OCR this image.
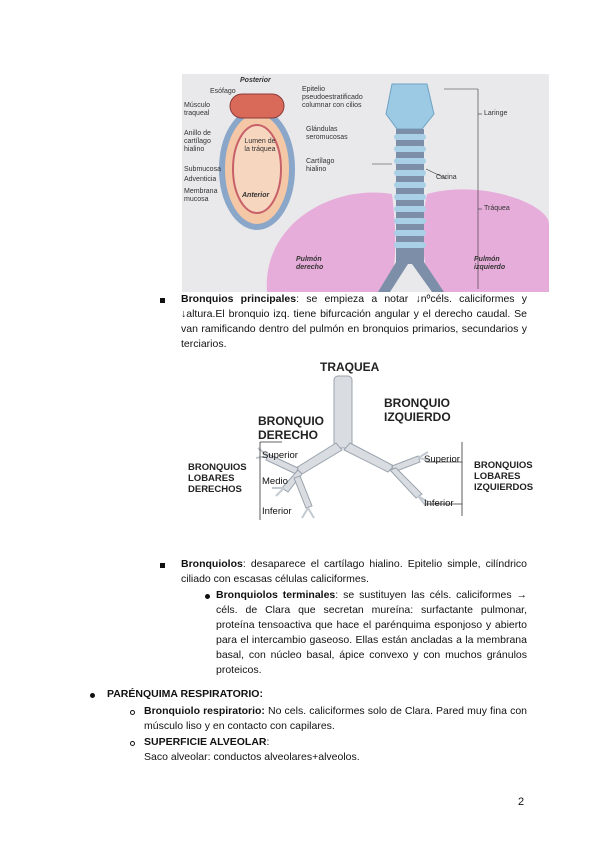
Posterior
Esófago
Músculo traqueal
Anillo de cartílago hialino
Submucosa
Adventicia
Membrana mucosa
Anterior
Epitelio pseudoestratificado columnar con cilios
Glándulas seromucosas
Lumen de la tráquea
Cartílago hialino
Laringe
Carina
Tráquea
Pulmón derecho
Pulmón izquierdo
Bronquios principales: se empieza a notar ↓nºcéls. caliciformes y ↓altura.El bronquio izq. tiene bifurcación angular y el derecho caudal. Se van ramificando dentro del pulmón en bronquios primarios, secundarios y terciarios.
TRAQUEA
BRONQUIO DERECHO
BRONQUIO IZQUIERDO
BRONQUIOS LOBARES DERECHOS
BRONQUIOS LOBARES IZQUIERDOS
Superior
Medio
Inferior
Superior
Inferior
Bronquiolos: desaparece el cartílago hialino. Epitelio simple, cilíndrico ciliado con escasas células caliciformes.
Bronquiolos terminales: se sustituyen las céls. caliciformes → céls. de Clara que secretan mureína: surfactante pulmonar, proteína tensoactiva que hace el parénquima esponjoso y abierto para el intercambio gaseoso. Ellas están ancladas a la membrana basal, con núcleo basal, ápice convexo y con muchos gránulos proteicos.
PARÉNQUIMA RESPIRATORIO:
Bronquiolo respiratorio: No cels. caliciformes solo de Clara. Pared muy fina con músculo liso y en contacto con capilares.
SUPERFICIE ALVEOLAR:
Saco alveolar: conductos alveolares+alveolos.
2
